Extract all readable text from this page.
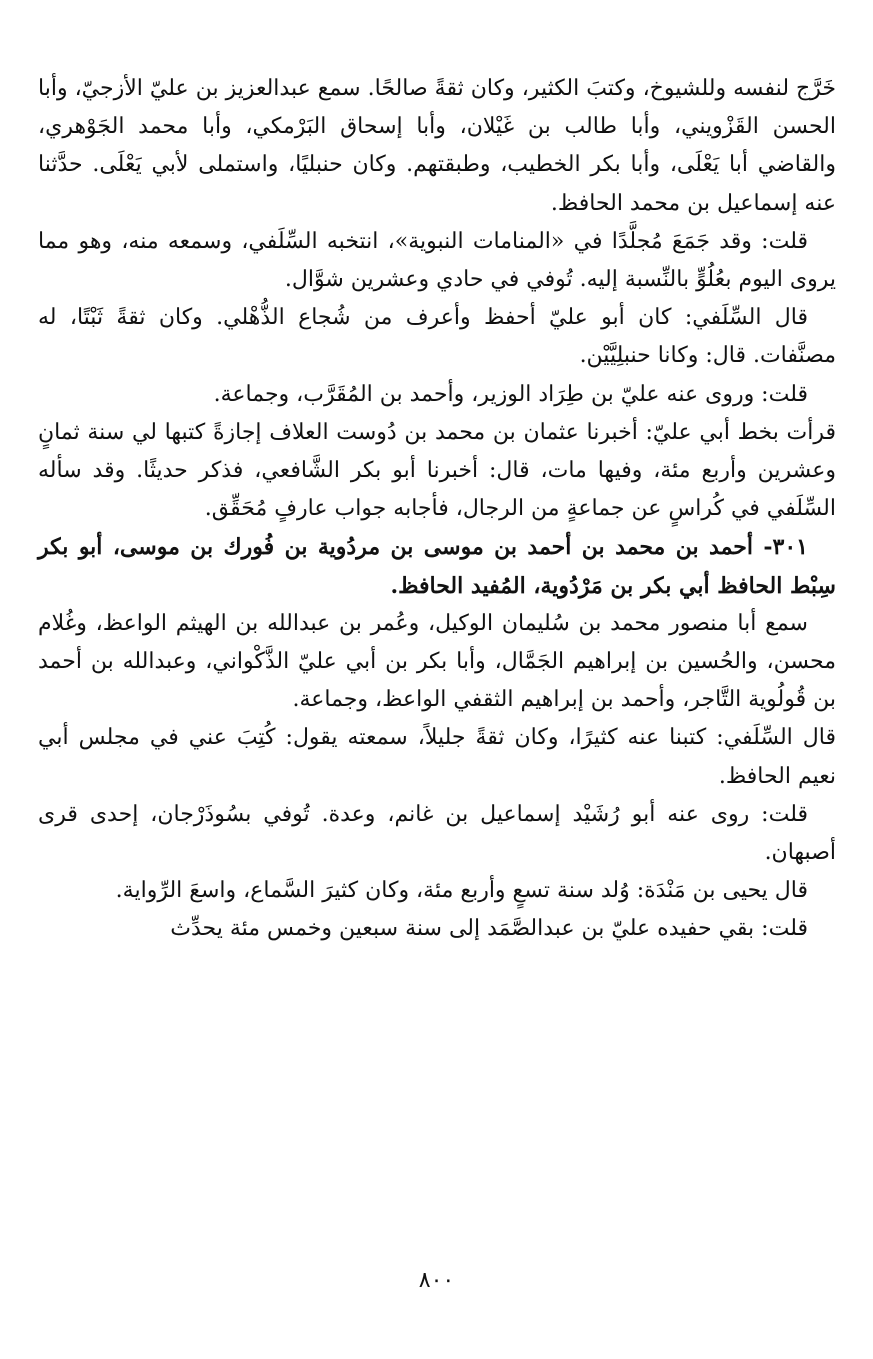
خَرَّج لنفسه وللشيوخ، وكتبَ الكثير، وكان ثقةً صالحًا. سمع عبدالعزيز بن عليّ الأزجيّ، وأبا الحسن القَزْويني، وأبا طالب بن غَيْلان، وأبا إسحاق البَرْمكي، وأبا محمد الجَوْهري، والقاضي أبا يَعْلَى، وأبا بكر الخطيب، وطبقتهم. وكان حنبليًا، واستملى لأبي يَعْلَى. حدَّثنا عنه إسماعيل بن محمد الحافظ.

قلت: وقد جَمَعَ مُجلَّدًا في «المنامات النبوية»، انتخبه السِّلَفي، وسمعه منه، وهو مما يروى اليوم بعُلُوٍّ بالنِّسبة إليه. تُوفي في حادي وعشرين شوَّال.

قال السِّلَفي: كان أبو عليّ أحفظ وأعرف من شُجاع الذُّهْلي. وكان ثقةً ثَبْتًا، له مصنَّفات. قال: وكانا حنبلِيَّيْن.

قلت: وروى عنه عليّ بن طِرَاد الوزير، وأحمد بن المُقَرَّب، وجماعة.

قرأت بخط أبي عليّ: أخبرنا عثمان بن محمد بن دُوست العلاف إجازةً كتبها لي سنة ثمانٍ وعشرين وأربع مئة، وفيها مات، قال: أخبرنا أبو بكر الشَّافعي، فذكر حديثًا. وقد سأله السِّلَفي في كُراسٍ عن جماعةٍ من الرجال، فأجابه جواب عارفٍ مُحَقِّق.

٣٠١- أحمد بن محمد بن أحمد بن موسى بن مردُوية بن فُورك بن موسى، أبو بكر سِبْط الحافظ أبي بكر بن مَرْدُوية، المُفيد الحافظ.

سمع أبا منصور محمد بن سُليمان الوكيل، وعُمر بن عبدالله بن الهيثم الواعظ، وغُلام محسن، والحُسين بن إبراهيم الجَمَّال، وأبا بكر بن أبي عليّ الذَّكْواني، وعبدالله بن أحمد بن قُولُوية التَّاجر، وأحمد بن إبراهيم الثقفي الواعظ، وجماعة.

قال السِّلَفي: كتبنا عنه كثيرًا، وكان ثقةً جليلاً، سمعته يقول: كُتِبَ عني في مجلس أبي نعيم الحافظ.

قلت: روى عنه أبو رُشَيْد إسماعيل بن غانم، وعدة. تُوفي بسُوذَرْجان، إحدى قرى أصبهان.

قال يحيى بن مَنْدَة: وُلد سنة تسعٍ وأربع مئة، وكان كثيرَ السَّماع، واسعَ الرِّواية.

قلت: بقي حفيده عليّ بن عبدالصَّمَد إلى سنة سبعين وخمس مئة يحدِّث

٨٠٠
